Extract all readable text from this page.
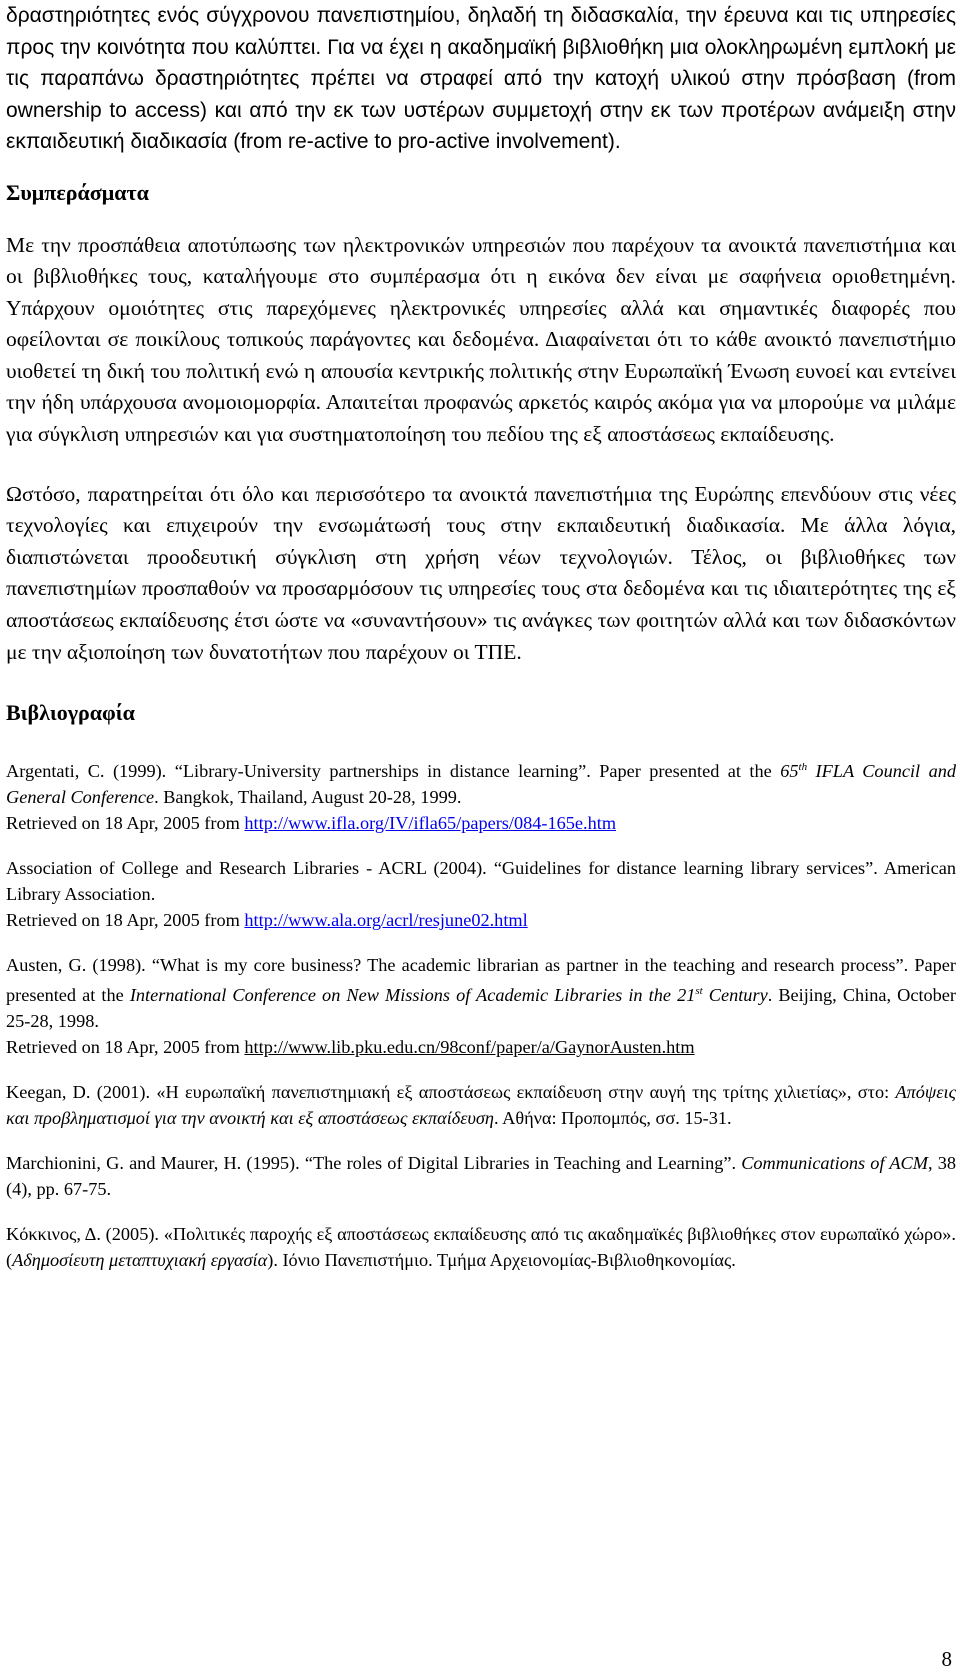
δραστηριότητες ενός σύγχρονου πανεπιστημίου, δηλαδή τη διδασκαλία, την έρευνα και τις υπηρεσίες προς την κοινότητα που καλύπτει. Για να έχει η ακαδημαϊκή βιβλιοθήκη μια ολοκληρωμένη εμπλοκή με τις παραπάνω δραστηριότητες πρέπει να στραφεί από την κατοχή υλικού στην πρόσβαση (from ownership to access) και από την εκ των υστέρων συμμετοχή στην εκ των προτέρων ανάμειξη στην εκπαιδευτική διαδικασία (from re-active to pro-active involvement).

Συμπεράσματα

Με την προσπάθεια αποτύπωσης των ηλεκτρονικών υπηρεσιών που παρέχουν τα ανοικτά πανεπιστήμια και οι βιβλιοθήκες τους, καταλήγουμε στο συμπέρασμα ότι η εικόνα δεν είναι με σαφήνεια οριοθετημένη. Υπάρχουν ομοιότητες στις παρεχόμενες ηλεκτρονικές υπηρεσίες αλλά και σημαντικές διαφορές που οφείλονται σε ποικίλους τοπικούς παράγοντες και δεδομένα. Διαφαίνεται ότι το κάθε ανοικτό πανεπιστήμιο υιοθετεί τη δική του πολιτική ενώ η απουσία κεντρικής πολιτικής στην Ευρωπαϊκή Ένωση ευνοεί και εντείνει την ήδη υπάρχουσα ανομοιομορφία. Απαιτείται προφανώς αρκετός καιρός ακόμα για να μπορούμε να μιλάμε για σύγκλιση υπηρεσιών και για συστηματοποίηση του πεδίου της εξ αποστάσεως εκπαίδευσης.

Ωστόσο, παρατηρείται ότι όλο και περισσότερο τα ανοικτά πανεπιστήμια της Ευρώπης επενδύουν στις νέες τεχνολογίες και επιχειρούν την ενσωμάτωσή τους στην εκπαιδευτική διαδικασία. Με άλλα λόγια, διαπιστώνεται προοδευτική σύγκλιση στη χρήση νέων τεχνολογιών. Τέλος, οι βιβλιοθήκες των πανεπιστημίων προσπαθούν να προσαρμόσουν τις υπηρεσίες τους στα δεδομένα και τις ιδιαιτερότητες της εξ αποστάσεως εκπαίδευσης έτσι ώστε να «συναντήσουν» τις ανάγκες των φοιτητών αλλά και των διδασκόντων με την αξιοποίηση των δυνατοτήτων που παρέχουν οι ΤΠΕ.

Βιβλιογραφία

Argentati, C. (1999). “Library-University partnerships in distance learning”. Paper presented at the 65th IFLA Council and General Conference. Bangkok, Thailand, August 20-28, 1999.
Retrieved on 18 Apr, 2005 from http://www.ifla.org/IV/ifla65/papers/084-165e.htm

Association of College and Research Libraries - ACRL (2004). “Guidelines for distance learning library services”. American Library Association.
Retrieved on 18 Apr, 2005 from http://www.ala.org/acrl/resjune02.html

Austen, G. (1998). “What is my core business? The academic librarian as partner in the teaching and research process”. Paper presented at the International Conference on New Missions of Academic Libraries in the 21st Century. Beijing, China, October 25-28, 1998.
Retrieved on 18 Apr, 2005 from http://www.lib.pku.edu.cn/98conf/paper/a/GaynorAusten.htm

Keegan, D. (2001). «Η ευρωπαϊκή πανεπιστημιακή εξ αποστάσεως εκπαίδευση στην αυγή της τρίτης χιλιετίας», στο: Απόψεις και προβληματισμοί για την ανοικτή και εξ αποστάσεως εκπαίδευση. Αθήνα: Προπομπός, σσ. 15-31.

Marchionini, G. and Maurer, H. (1995). “The roles of Digital Libraries in Teaching and Learning”. Communications of ACM, 38 (4), pp. 67-75.

Κόκκινος, Δ. (2005). «Πολιτικές παροχής εξ αποστάσεως εκπαίδευσης από τις ακαδημαϊκές βιβλιοθήκες στον ευρωπαϊκό χώρο». (Αδημοσίευτη μεταπτυχιακή εργασία). Ιόνιο Πανεπιστήμιο. Τμήμα Αρχειονομίας-Βιβλιοθηκονομίας.

8
